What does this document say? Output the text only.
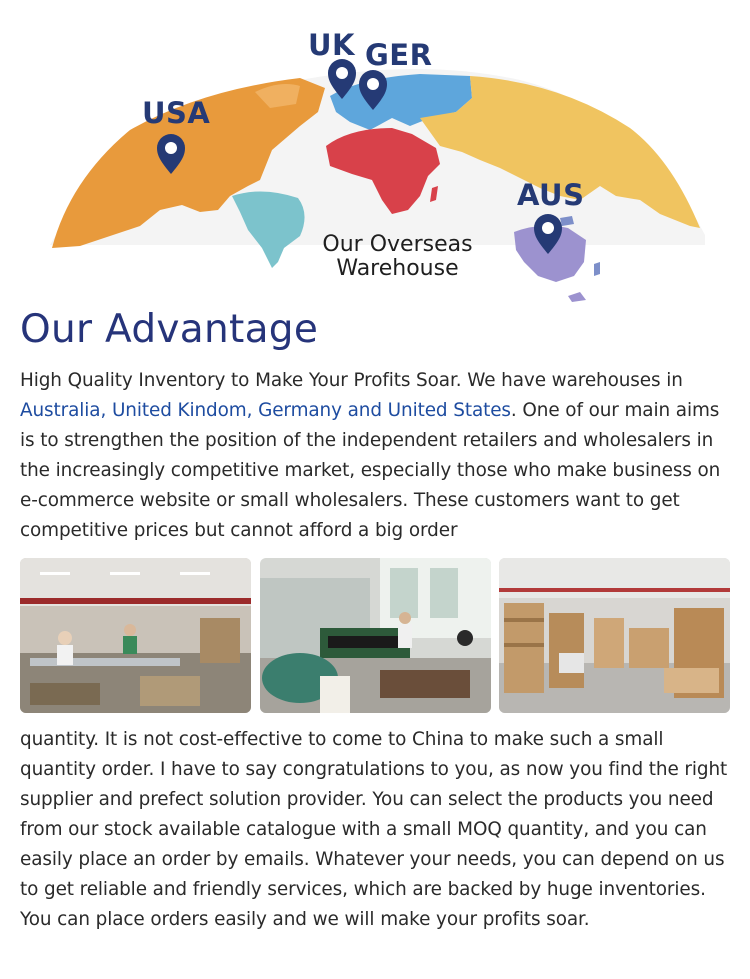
USA
UK GER
AUS
Our Overseas
Warehouse
Our Advantage

High Quality Inventory to Make Your Profits Soar. We have warehouses in Australia, United Kindom, Germany and United States. One of our main aims is to strengthen the position of the independent retailers and wholesalers in the increasingly competitive market, especially those who make business on e-commerce website or small wholesalers. These customers want to get competitive prices but cannot afford a big order

quantity. It is not cost-effective to come to China to make such a small quantity order. I have to say congratulations to you, as now you find the right supplier and prefect solution provider. You can select the products you need from our stock available catalogue with a small MOQ quantity, and you can easily place an order by emails. Whatever your needs, you can depend on us to get reliable and friendly services, which are backed by huge inventories. You can place orders easily and we will make your profits soar.
